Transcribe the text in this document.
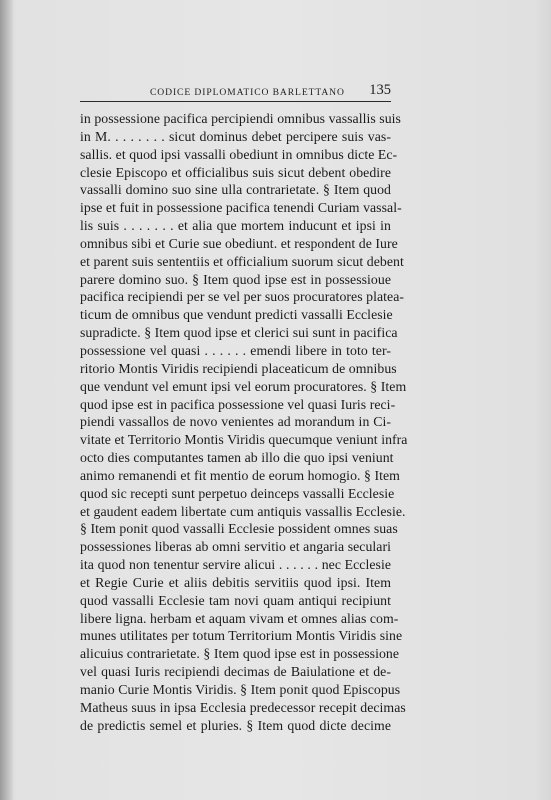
CODICE DIPLOMATICO BARLETTANO 135
in possessione pacifica percipiendi omnibus vassallis suis
in M. . . . . . . . sicut dominus debet percipere suis vas-
sallis. et quod ipsi vassalli obediunt in omnibus dicte Ec-
clesie Episcopo et officialibus suis sicut debent obedire
vassalli domino suo sine ulla contrarietate. § Item quod
ipse et fuit in possessione pacifica tenendi Curiam vassal-
lis suis . . . . . . . et alia que mortem inducunt et ipsi in
omnibus sibi et Curie sue obediunt. et respondent de Iure
et parent suis sententiis et officialium suorum sicut debent
parere domino suo. § Item quod ipse est in possessioue
pacifica recipiendi per se vel per suos procuratores platea-
ticum de omnibus que vendunt predicti vassalli Ecclesie
supradicte. § Item quod ipse et clerici sui sunt in pacifica
possessione vel quasi . . . . . . emendi libere in toto ter-
ritorio Montis Viridis recipiendi placeaticum de omnibus
que vendunt vel emunt ipsi vel eorum procuratores. § Item
quod ipse est in pacifica possessione vel quasi Iuris reci-
piendi vassallos de novo venientes ad morandum in Ci-
vitate et Territorio Montis Viridis quecumque veniunt infra
octo dies computantes tamen ab illo die quo ipsi veniunt
animo remanendi et fit mentio de eorum homogio. § Item
quod sic recepti sunt perpetuo deinceps vassalli Ecclesie
et gaudent eadem libertate cum antiquis vassallis Ecclesie.
§ Item ponit quod vassalli Ecclesie possident omnes suas
possessiones liberas ab omni servitio et angaria seculari
ita quod non tenentur servire alicui . . . . . . nec Ecclesie
et Regie Curie et aliis debitis servitiis quod ipsi. Item
quod vassalli Ecclesie tam novi quam antiqui recipiunt
libere ligna. herbam et aquam vivam et omnes alias com-
munes utilitates per totum Territorium Montis Viridis sine
alicuius contrarietate. § Item quod ipse est in possessione
vel quasi Iuris recipiendi decimas de Baiulatione et de-
manio Curie Montis Viridis. § Item ponit quod Episcopus
Matheus suus in ipsa Ecclesia predecessor recepit decimas
de predictis semel et pluries. § Item quod dicte decime
